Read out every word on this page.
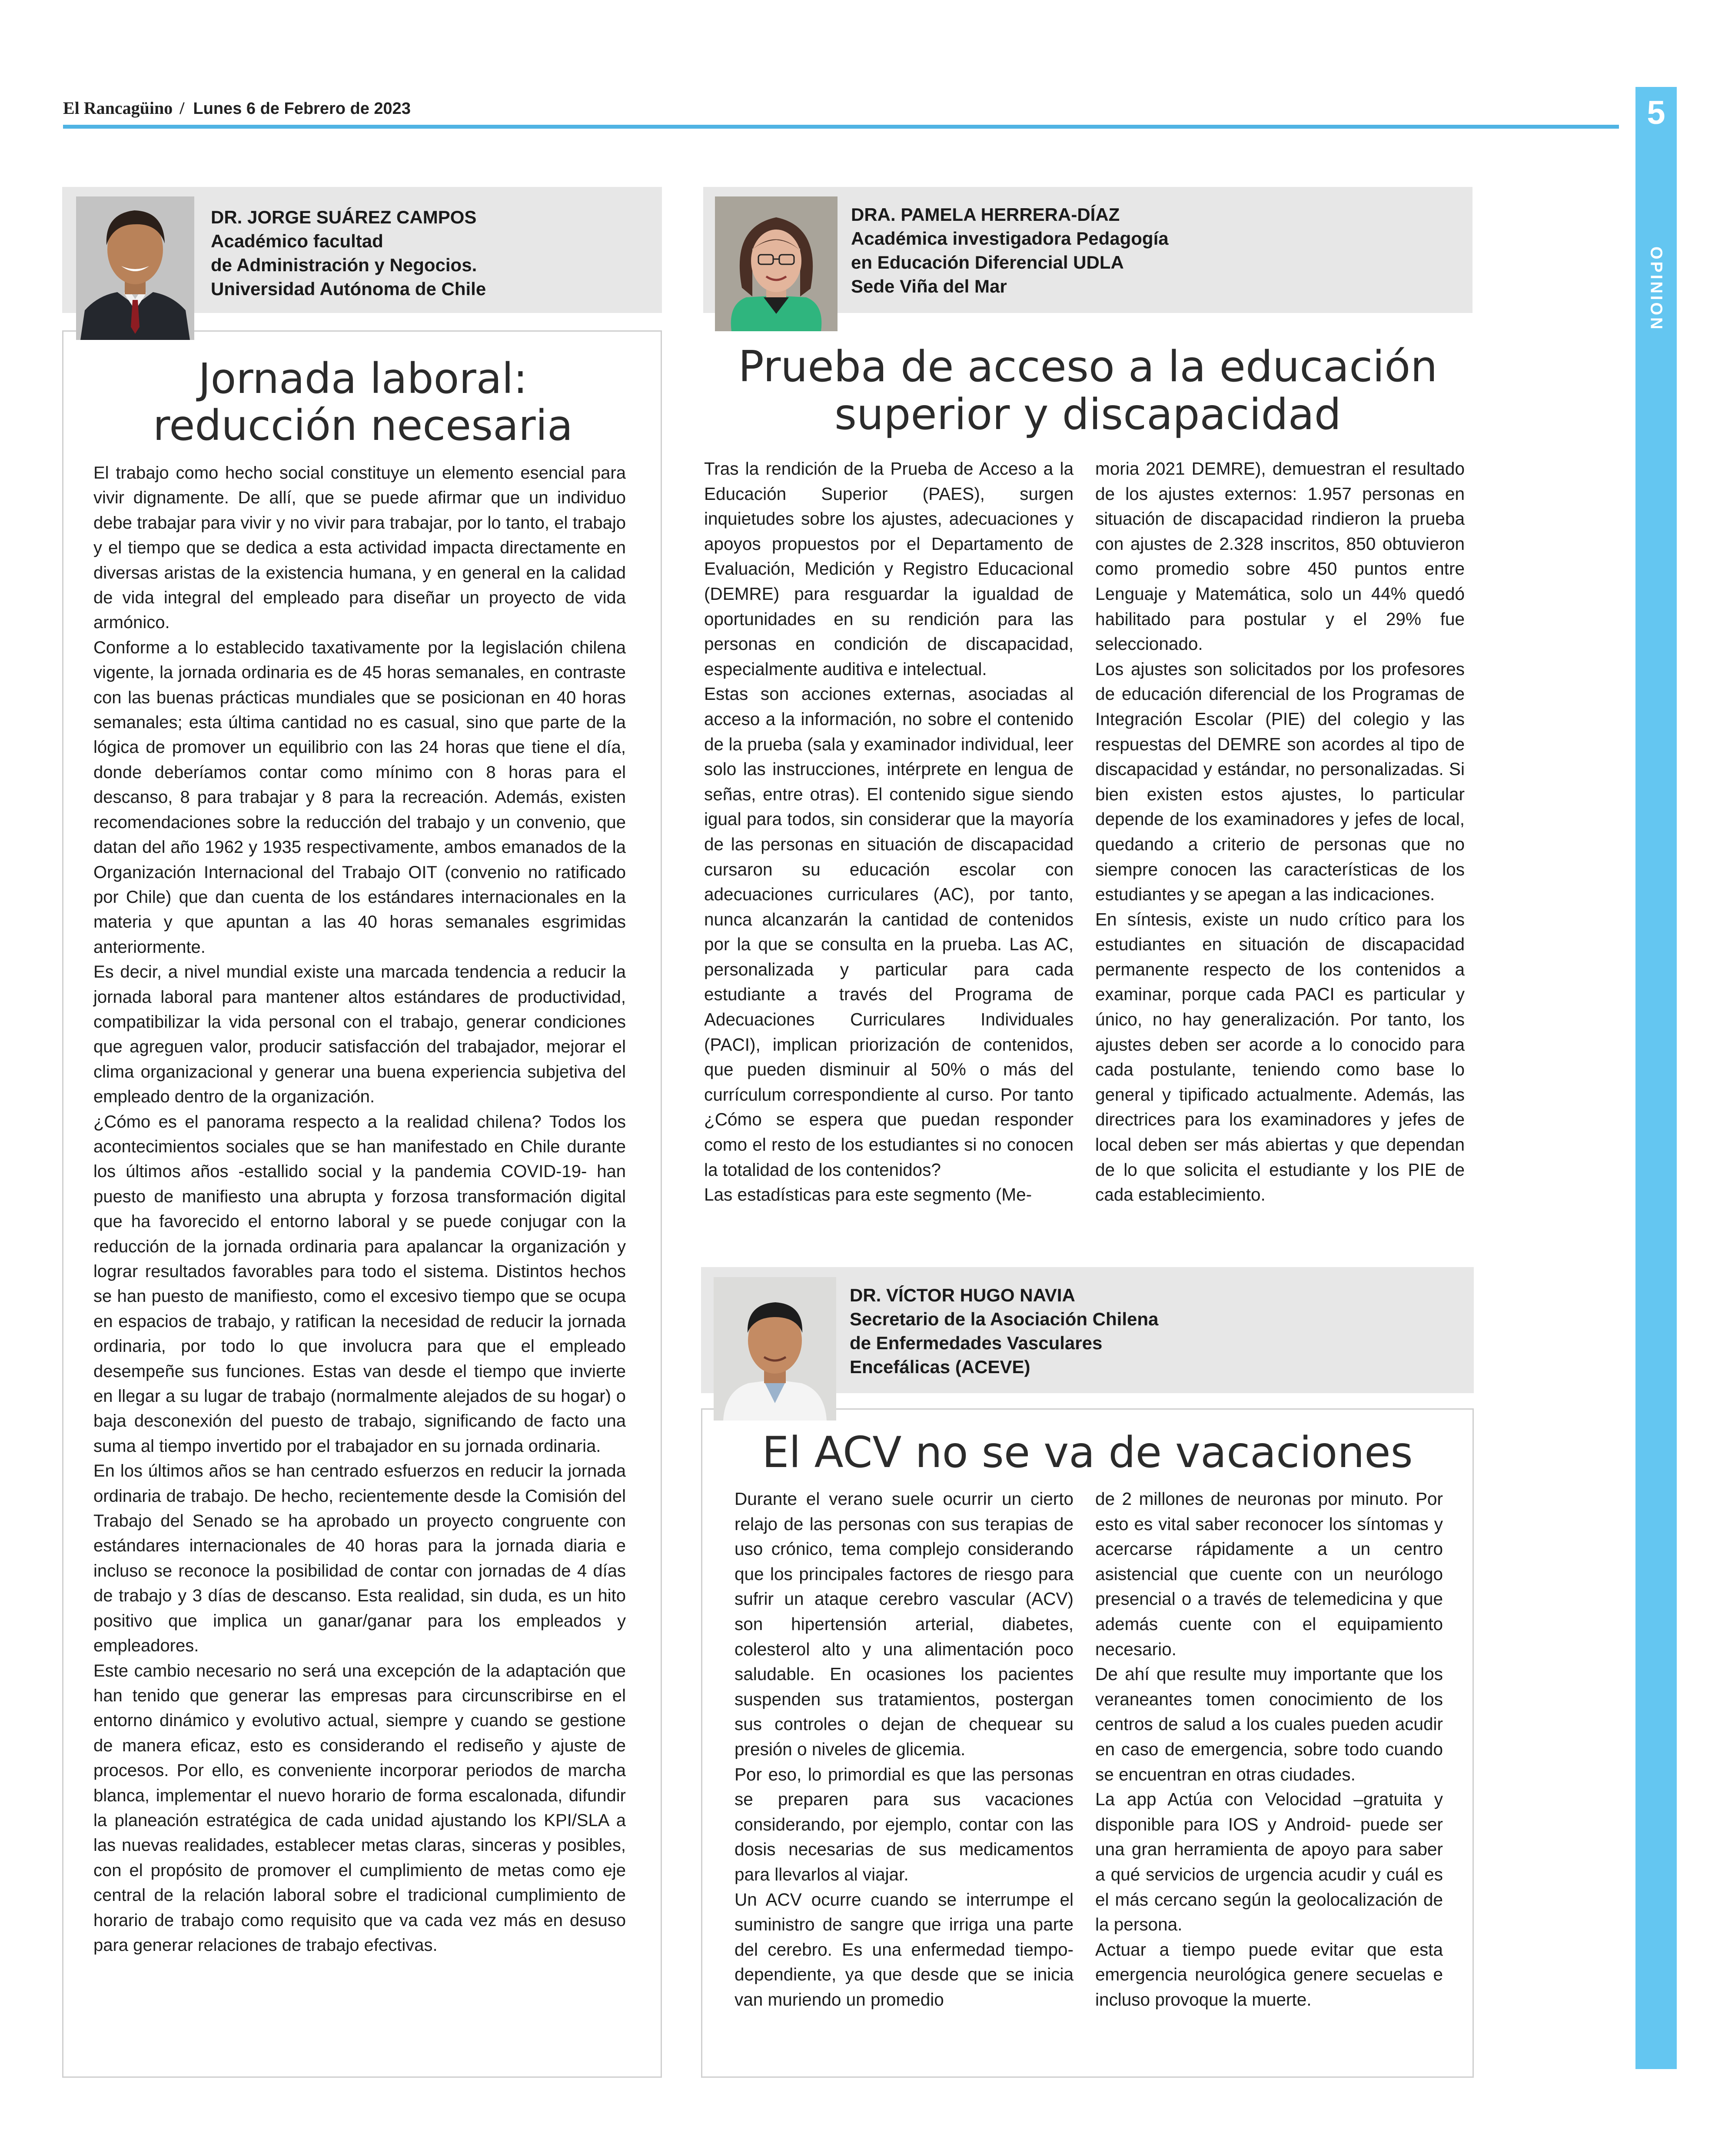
El Rancagüino / Lunes 6 de Febrero de 2023	5
OPINION
DR. JORGE SUÁREZ CAMPOS
Académico facultad
de Administración y Negocios.
Universidad Autónoma de Chile
Jornada laboral:
reducción necesaria

El trabajo como hecho social constituye un elemento esencial para vivir dignamente. De allí, que se puede afirmar que un individuo debe trabajar para vivir y no vivir para trabajar, por lo tanto, el trabajo y el tiempo que se dedica a esta actividad impacta directamente en diversas aristas de la existencia humana, y en general en la calidad de vida integral del empleado para diseñar un proyecto de vida armónico.

Conforme a lo establecido taxativamente por la legislación chilena vigente, la jornada ordinaria es de 45 horas semanales, en contraste con las buenas prácticas mundiales que se posicionan en 40 horas semanales; esta última cantidad no es casual, sino que parte de la lógica de promover un equilibrio con las 24 horas que tiene el día, donde deberíamos contar como mínimo con 8 horas para el descanso, 8 para trabajar y 8 para la recreación. Además, existen recomendaciones sobre la reducción del trabajo y un convenio, que datan del año 1962 y 1935 respectivamente, ambos emanados de la Organización Internacional del Trabajo OIT (convenio no ratificado por Chile) que dan cuenta de los estándares internacionales en la materia y que apuntan a las 40 horas semanales esgrimidas anteriormente.

Es decir, a nivel mundial existe una marcada tendencia a reducir la jornada laboral para mantener altos estándares de productividad, compatibilizar la vida personal con el trabajo, generar condiciones que agreguen valor, producir satisfacción del trabajador, mejorar el clima organizacional y generar una buena experiencia subjetiva del empleado dentro de la organización.

¿Cómo es el panorama respecto a la realidad chilena? Todos los acontecimientos sociales que se han manifestado en Chile durante los últimos años -estallido social y la pandemia COVID-19- han puesto de manifiesto una abrupta y forzosa transformación digital que ha favorecido el entorno laboral y se puede conjugar con la reducción de la jornada ordinaria para apalancar la organización y lograr resultados favorables para todo el sistema. Distintos hechos se han puesto de manifiesto, como el excesivo tiempo que se ocupa en espacios de trabajo, y ratifican la necesidad de reducir la jornada ordinaria, por todo lo que involucra para que el empleado desempeñe sus funciones. Estas van desde el tiempo que invierte en llegar a su lugar de trabajo (normalmente alejados de su hogar) o baja desconexión del puesto de trabajo, significando de facto una suma al tiempo invertido por el trabajador en su jornada ordinaria.

En los últimos años se han centrado esfuerzos en reducir la jornada ordinaria de trabajo. De hecho, recientemente desde la Comisión del Trabajo del Senado se ha aprobado un proyecto congruente con estándares internacionales de 40 horas para la jornada diaria e incluso se reconoce la posibilidad de contar con jornadas de 4 días de trabajo y 3 días de descanso. Esta realidad, sin duda, es un hito positivo que implica un ganar/ganar para los empleados y empleadores.

Este cambio necesario no será una excepción de la adaptación que han tenido que generar las empresas para circunscribirse en el entorno dinámico y evolutivo actual, siempre y cuando se gestione de manera eficaz, esto es considerando el rediseño y ajuste de procesos. Por ello, es conveniente incorporar periodos de marcha blanca, implementar el nuevo horario de forma escalonada, difundir la planeación estratégica de cada unidad ajustando los KPI/SLA a las nuevas realidades, establecer metas claras, sinceras y posibles, con el propósito de promover el cumplimiento de metas como eje central de la relación laboral sobre el tradicional cumplimiento de horario de trabajo como requisito que va cada vez más en desuso para generar relaciones de trabajo efectivas.

DRA. PAMELA HERRERA-DÍAZ
Académica investigadora Pedagogía
en Educación Diferencial UDLA
Sede Viña del Mar
Prueba de acceso a la educación
superior y discapacidad

Tras la rendición de la Prueba de Acceso a la Educación Superior (PAES), surgen inquietudes sobre los ajustes, adecuaciones y apoyos propuestos por el Departamento de Evaluación, Medición y Registro Educacional (DEMRE) para resguardar la igualdad de oportunidades en su rendición para las personas en condición de discapacidad, especialmente auditiva e intelectual.

Estas son acciones externas, asociadas al acceso a la información, no sobre el contenido de la prueba (sala y examinador individual, leer solo las instrucciones, intérprete en lengua de señas, entre otras). El contenido sigue siendo igual para todos, sin considerar que la mayoría de las personas en situación de discapacidad cursaron su educación escolar con adecuaciones curriculares (AC), por tanto, nunca alcanzarán la cantidad de contenidos por la que se consulta en la prueba. Las AC, personalizada y particular para cada estudiante a través del Programa de Adecuaciones Curriculares Individuales (PACI), implican priorización de contenidos, que pueden disminuir al 50% o más del currículum correspondiente al curso. Por tanto ¿Cómo se espera que puedan responder como el resto de los estudiantes si no conocen la totalidad de los contenidos?

Las estadísticas para este segmento (Me-

moria 2021 DEMRE), demuestran el resultado de los ajustes externos: 1.957 personas en situación de discapacidad rindieron la prueba con ajustes de 2.328 inscritos, 850 obtuvieron como promedio sobre 450 puntos entre Lenguaje y Matemática, solo un 44% quedó habilitado para postular y el 29% fue seleccionado.

Los ajustes son solicitados por los profesores de educación diferencial de los Programas de Integración Escolar (PIE) del colegio y las respuestas del DEMRE son acordes al tipo de discapacidad y estándar, no personalizadas. Si bien existen estos ajustes, lo particular depende de los examinadores y jefes de local, quedando a criterio de personas que no siempre conocen las características de los estudiantes y se apegan a las indicaciones.

En síntesis, existe un nudo crítico para los estudiantes en situación de discapacidad permanente respecto de los contenidos a examinar, porque cada PACI es particular y único, no hay generalización. Por tanto, los ajustes deben ser acorde a lo conocido para cada postulante, teniendo como base lo general y tipificado actualmente. Además, las directrices para los examinadores y jefes de local deben ser más abiertas y que dependan de lo que solicita el estudiante y los PIE de cada establecimiento.

DR. VÍCTOR HUGO NAVIA
Secretario de la Asociación Chilena
de Enfermedades Vasculares
Encefálicas (ACEVE)
El ACV no se va de vacaciones

Durante el verano suele ocurrir un cierto relajo de las personas con sus terapias de uso crónico, tema complejo considerando que los principales factores de riesgo para sufrir un ataque cerebro vascular (ACV) son hipertensión arterial, diabetes, colesterol alto y una alimentación poco saludable. En ocasiones los pacientes suspenden sus tratamientos, postergan sus controles o dejan de chequear su presión o niveles de glicemia.

Por eso, lo primordial es que las personas se preparen para sus vacaciones considerando, por ejemplo, contar con las dosis necesarias de sus medicamentos para llevarlos al viajar.

Un ACV ocurre cuando se interrumpe el suministro de sangre que irriga una parte del cerebro. Es una enfermedad tiempo-dependiente, ya que desde que se inicia van muriendo un promedio

de 2 millones de neuronas por minuto. Por esto es vital saber reconocer los síntomas y acercarse rápidamente a un centro asistencial que cuente con un neurólogo presencial o a través de telemedicina y que además cuente con el equipamiento necesario.

De ahí que resulte muy importante que los veraneantes tomen conocimiento de los centros de salud a los cuales pueden acudir en caso de emergencia, sobre todo cuando se encuentran en otras ciudades.

La app Actúa con Velocidad –gratuita y disponible para IOS y Android- puede ser una gran herramienta de apoyo para saber a qué servicios de urgencia acudir y cuál es el más cercano según la geolocalización de la persona.

Actuar a tiempo puede evitar que esta emergencia neurológica genere secuelas e incluso provoque la muerte.
